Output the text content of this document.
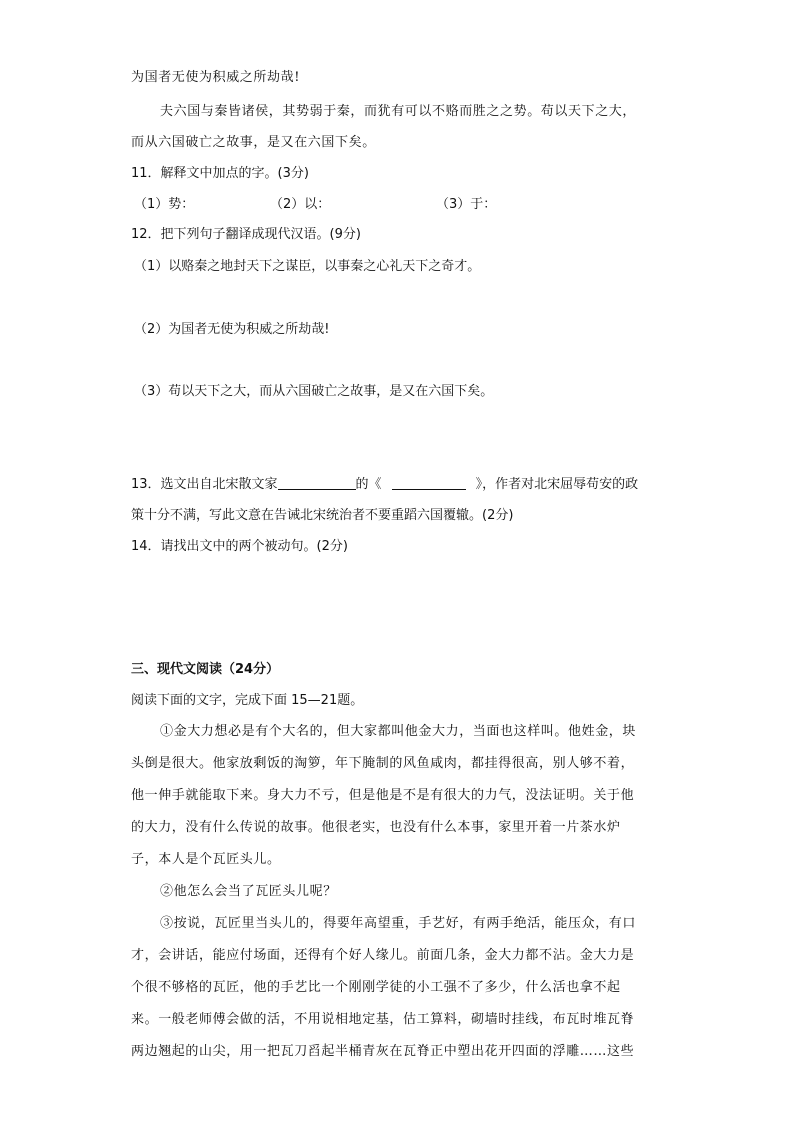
为国者无使为积威之所劫哉!
夫六国与秦皆诸侯，其势弱于秦，而犹有可以不赂而胜之之势。苟以天下之大，
而从六国破亡之故事，是又在六国下矣。
11．解释文中加点的字。(3分)
（1）势：	（2）以：	（3）于：
12．把下列句子翻译成现代汉语。(9分)
（1）以赂秦之地封天下之谋臣，以事秦之心礼天下之奇才。
（2）为国者无使为积威之所劫哉!
（3）苟以天下之大，而从六国破亡之故事，是又在六国下矣。
13．选文出自北宋散文家	的《	》，作者对北宋屈辱苟安的政
策十分不满，写此文意在告诫北宋统治者不要重蹈六国覆辙。(2分)
14．请找出文中的两个被动句。(2分)
三、现代文阅读（24分）
阅读下面的文字，完成下面 15—21题。
①金大力想必是有个大名的，但大家都叫他金大力，当面也这样叫。他姓金，块
头倒是很大。他家放剩饭的淘箩，年下腌制的风鱼咸肉，都挂得很高，别人够不着，
他一伸手就能取下来。身大力不亏，但是他是不是有很大的力气，没法证明。关于他
的大力，没有什么传说的故事。他很老实，也没有什么本事，家里开着一片茶水炉
子，本人是个瓦匠头儿。
②他怎么会当了瓦匠头儿呢？
③按说，瓦匠里当头儿的，得要年高望重，手艺好，有两手绝活，能压众，有口
才，会讲话，能应付场面，还得有个好人缘儿。前面几条，金大力都不沾。金大力是
个很不够格的瓦匠，他的手艺比一个刚刚学徒的小工强不了多少，什么活也拿不起
来。一般老师傅会做的活，不用说相地定基，估工算料，砌墙时挂线，布瓦时堆瓦脊
两边翘起的山尖，用一把瓦刀舀起半桶青灰在瓦脊正中塑出花开四面的浮雕……这些
